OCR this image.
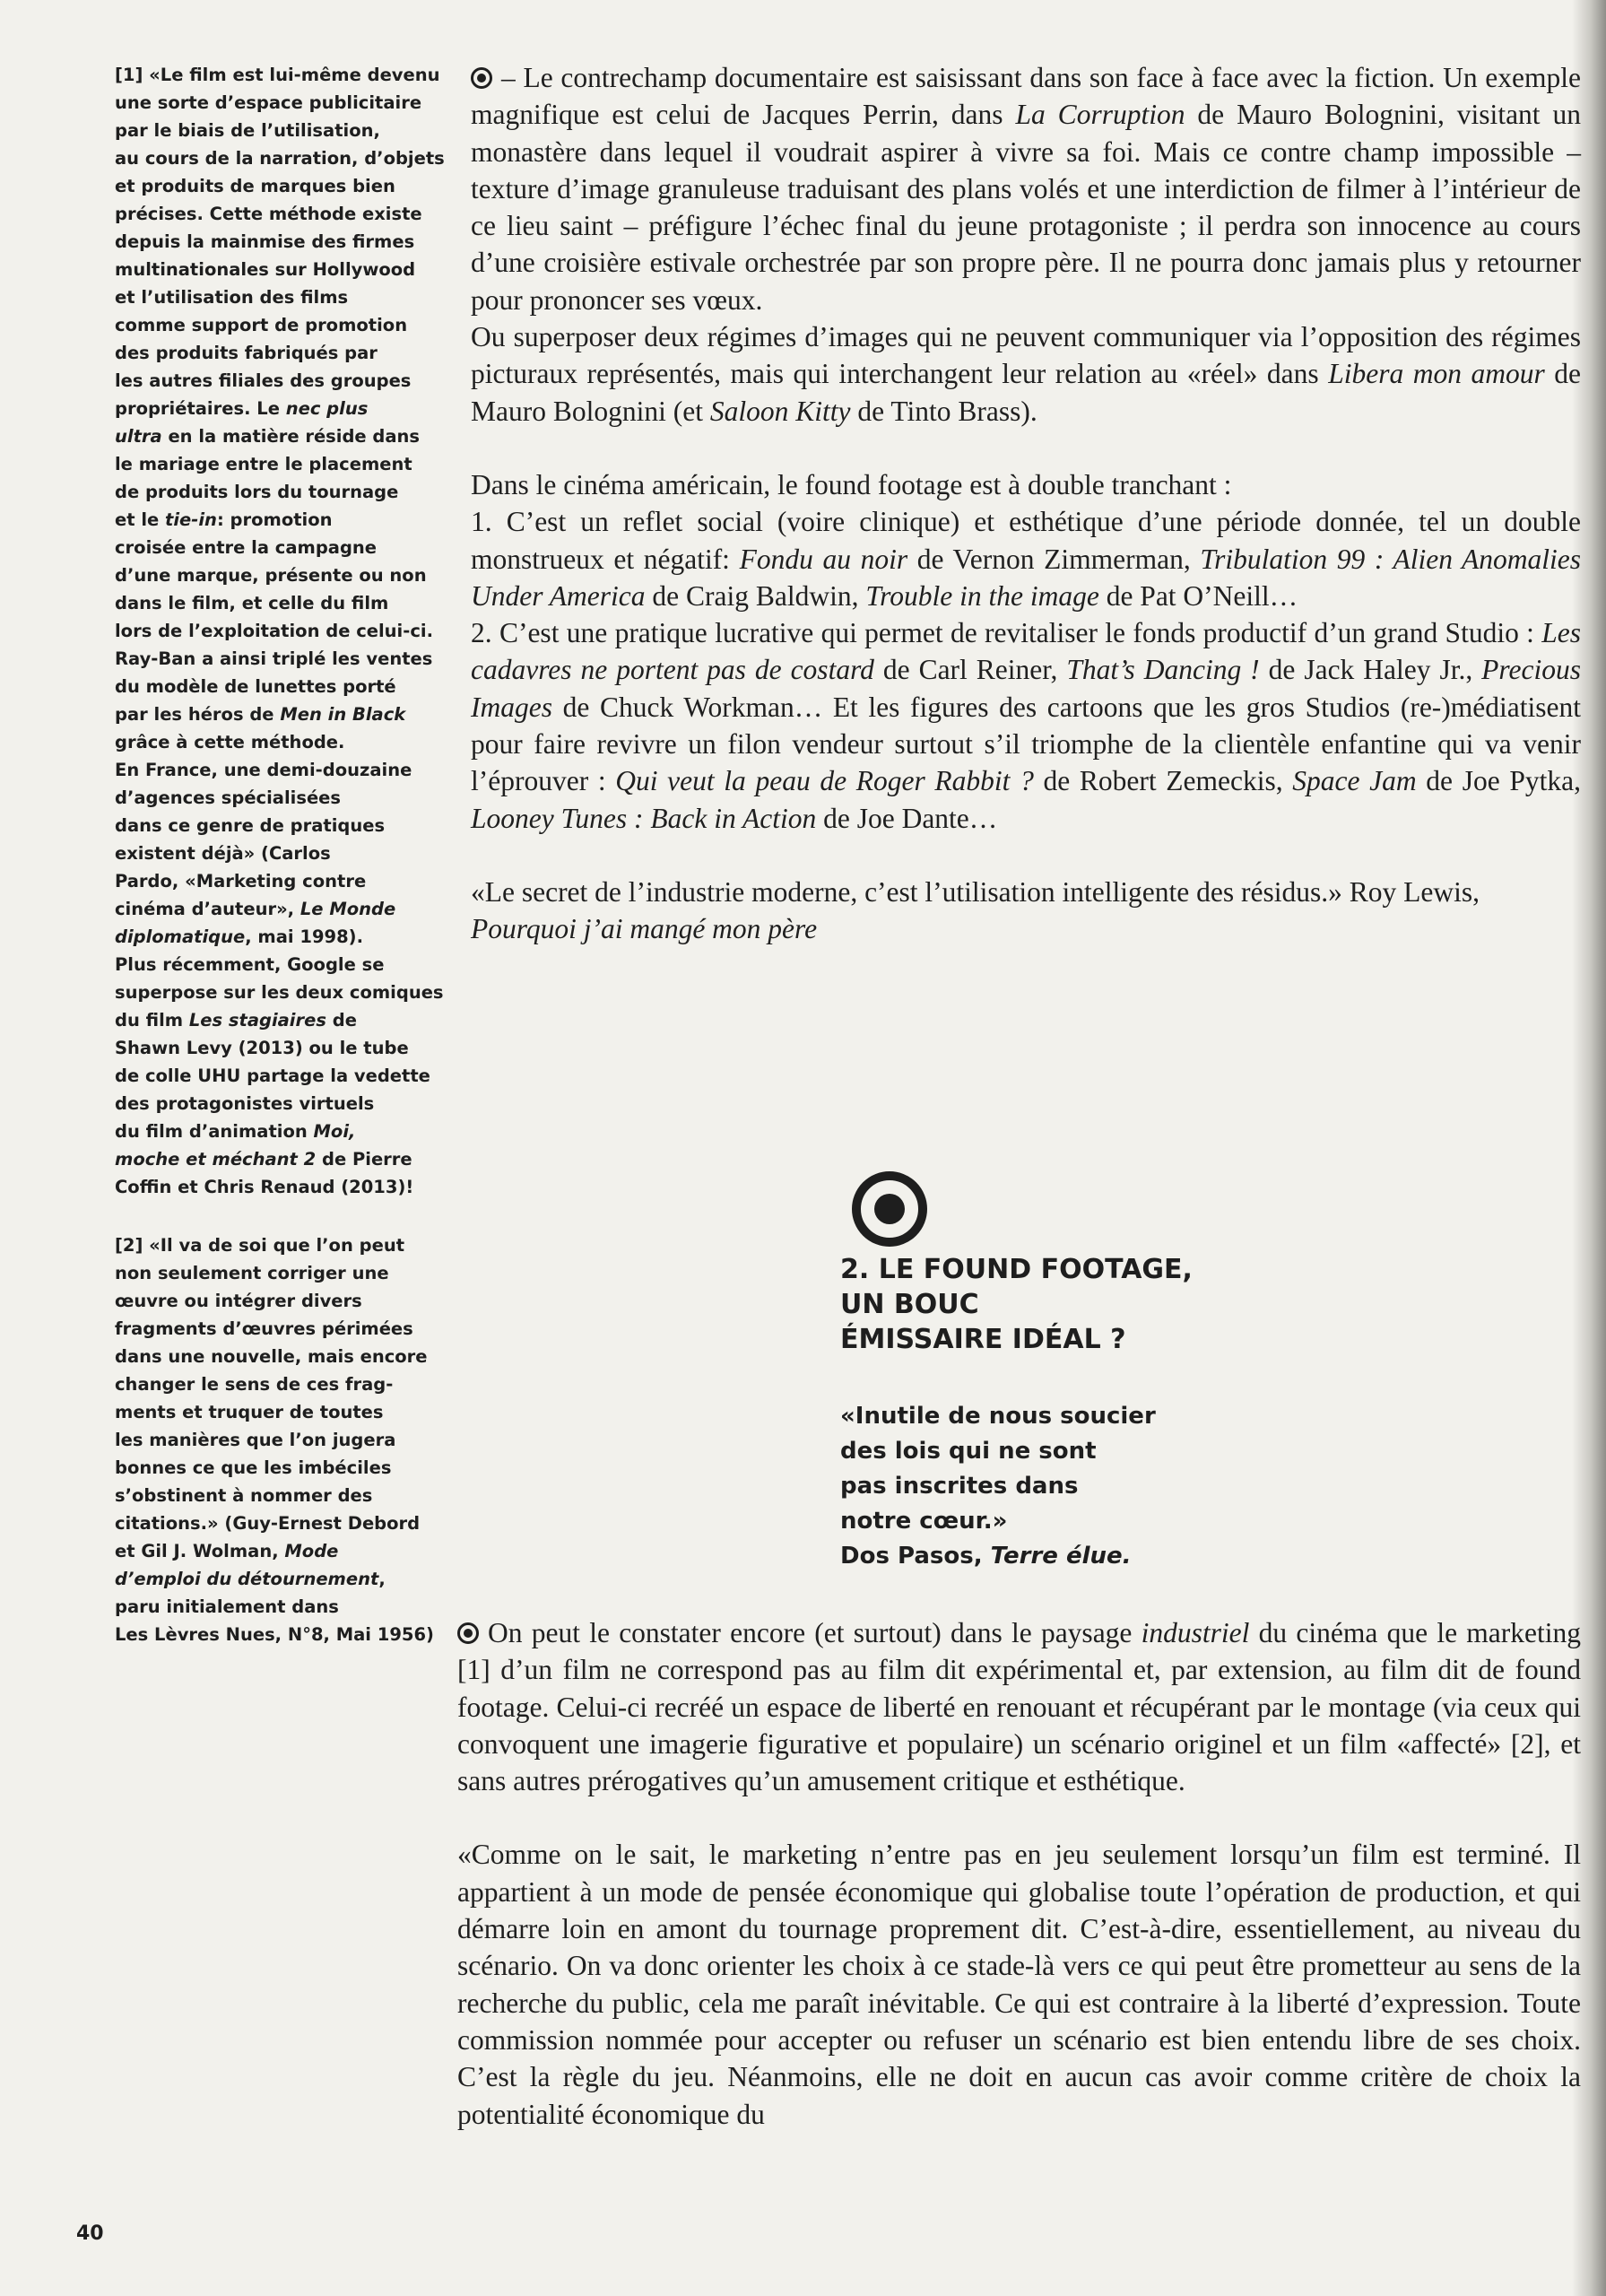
[1] «Le film est lui-même devenu
une sorte d’espace publicitaire
par le biais de l’utilisation,
au cours de la narration, d’objets
et produits de marques bien
précises. Cette méthode existe
depuis la mainmise des firmes
multinationales sur Hollywood
et l’utilisation des films
comme support de promotion
des produits fabriqués par
les autres filiales des groupes
propriétaires. Le nec plus
ultra en la matière réside dans
le mariage entre le placement
de produits lors du tournage
et le tie-in: promotion
croisée entre la campagne
d’une marque, présente ou non
dans le film, et celle du film
lors de l’exploitation de celui-ci.
Ray-Ban a ainsi triplé les ventes
du modèle de lunettes porté
par les héros de Men in Black
grâce à cette méthode.
En France, une demi-douzaine
d’agences spécialisées
dans ce genre de pratiques
existent déjà» (Carlos
Pardo, «Marketing contre
cinéma d’auteur», Le Monde
diplomatique, mai 1998).
Plus récemment, Google se
superpose sur les deux comiques
du film Les stagiaires de
Shawn Levy (2013) ou le tube
de colle UHU partage la vedette
des protagonistes virtuels
du film d’animation Moi,
moche et méchant 2 de Pierre
Coffin et Chris Renaud (2013)!

[2] «Il va de soi que l’on peut
non seulement corriger une
œuvre ou intégrer divers
fragments d’œuvres périmées
dans une nouvelle, mais encore
changer le sens de ces frag-
ments et truquer de toutes
les manières que l’on jugera
bonnes ce que les imbéciles
s’obstinent à nommer des
citations.» (Guy-Ernest Debord
et Gil J. Wolman, Mode
d’emploi du détournement,
paru initialement dans
Les Lèvres Nues, N°8, Mai 1956)

– Le contrechamp documentaire est saisissant dans son face à face avec la fiction. Un exemple magnifique est celui de Jacques Perrin, dans La Corruption de Mauro Bolognini, visitant un monastère dans lequel il voudrait aspirer à vivre sa foi. Mais ce contre champ impossible – texture d’image granuleuse traduisant des plans volés et une interdiction de filmer à l’intérieur de ce lieu saint – préfigure l’échec final du jeune protagoniste ; il perdra son innocence au cours d’une croisière estivale orchestrée par son propre père. Il ne pourra donc jamais plus y retourner pour prononcer ses vœux.

Ou superposer deux régimes d’images qui ne peuvent communiquer via l’opposition des régimes picturaux représentés, mais qui interchangent leur relation au «réel» dans Libera mon amour de Mauro Bolognini (et Saloon Kitty de Tinto Brass).

Dans le cinéma américain, le found footage est à double tranchant :

1. C’est un reflet social (voire clinique) et esthétique d’une période donnée, tel un double monstrueux et négatif: Fondu au noir de Vernon Zimmerman, Tribulation 99 : Alien Anomalies Under America de Craig Baldwin, Trouble in the image de Pat O’Neill…

2. C’est une pratique lucrative qui permet de revitaliser le fonds productif d’un grand Studio : Les cadavres ne portent pas de costard de Carl Reiner, That’s Dancing ! de Jack Haley Jr., Precious Images de Chuck Workman… Et les figures des cartoons que les gros Studios (re-)médiatisent pour faire revivre un filon vendeur surtout s’il triomphe de la clientèle enfantine qui va venir l’éprouver : Qui veut la peau de Roger Rabbit ? de Robert Zemeckis, Space Jam de Joe Pytka, Looney Tunes : Back in Action de Joe Dante…

«Le secret de l’industrie moderne, c’est l’utilisation intelligente des résidus.» Roy Lewis, Pourquoi j’ai mangé mon père

2. LE FOUND FOOTAGE,
UN BOUC
ÉMISSAIRE IDÉAL ?

«Inutile de nous soucier
des lois qui ne sont
pas inscrites dans
notre cœur.»

Dos Pasos, Terre élue.

On peut le constater encore (et surtout) dans le paysage industriel du cinéma que le marketing [1] d’un film ne correspond pas au film dit expérimental et, par extension, au film dit de found footage. Celui-ci recréé un espace de liberté en renouant et récupérant par le montage (via ceux qui convoquent une imagerie figurative et populaire) un scénario originel et un film «affecté» [2], et sans autres prérogatives qu’un amusement critique et esthétique.

«Comme on le sait, le marketing n’entre pas en jeu seulement lorsqu’un film est terminé. Il appartient à un mode de pensée économique qui globalise toute l’opération de production, et qui démarre loin en amont du tournage proprement dit. C’est-à-dire, essentiellement, au niveau du scénario. On va donc orienter les choix à ce stade-là vers ce qui peut être prometteur au sens de la recherche du public, cela me paraît inévitable. Ce qui est contraire à la liberté d’expression. Toute commission nommée pour accepter ou refuser un scénario est bien entendu libre de ses choix. C’est la règle du jeu. Néanmoins, elle ne doit en aucun cas avoir comme critère de choix la potentialité économique du

40
